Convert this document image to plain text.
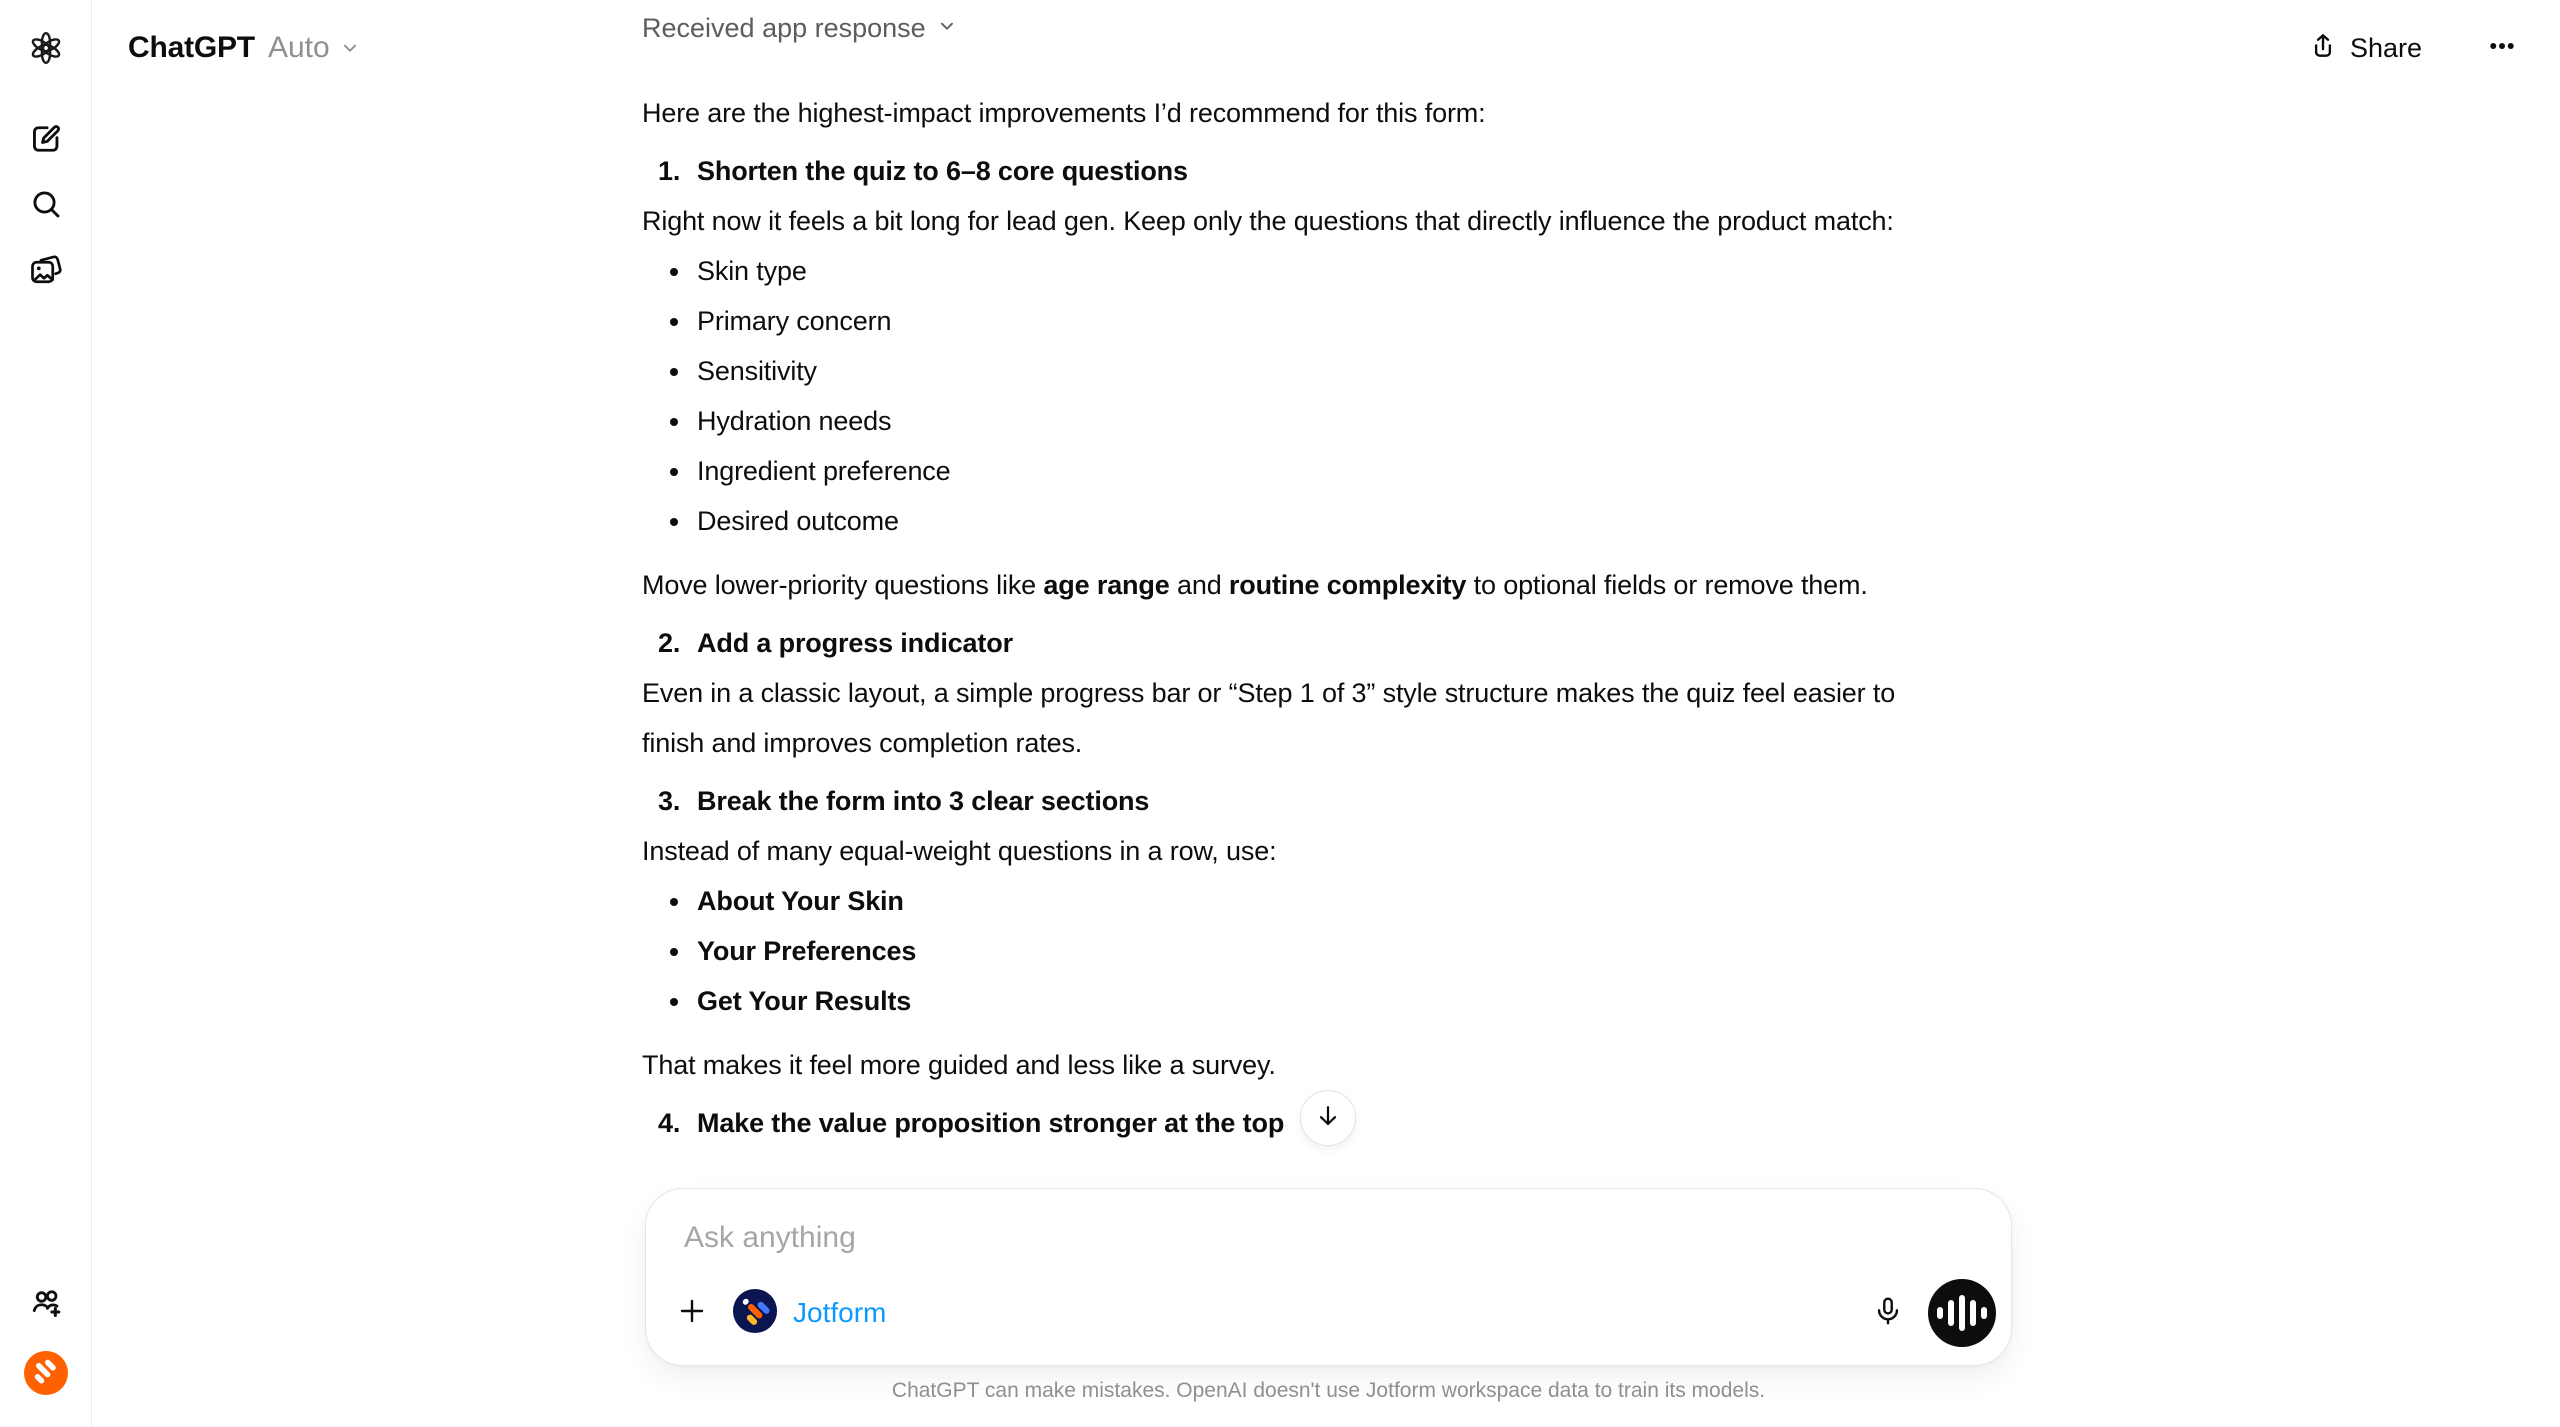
ChatGPT Auto	Share
Received app response

Here are the highest-impact improvements I’d recommend for this form:

1. Shorten the quiz to 6–8 core questions

Right now it feels a bit long for lead gen. Keep only the questions that directly influence the product match:

Skin type
Primary concern
Sensitivity
Hydration needs
Ingredient preference
Desired outcome

Move lower-priority questions like age range and routine complexity to optional fields or remove them.

2. Add a progress indicator

Even in a classic layout, a simple progress bar or “Step 1 of 3” style structure makes the quiz feel easier to finish and improves completion rates.

3. Break the form into 3 clear sections

Instead of many equal-weight questions in a row, use:

About Your Skin
Your Preferences
Get Your Results

That makes it feel more guided and less like a survey.

4. Make the value proposition stronger at the top
Ask anything
Jotform
ChatGPT can make mistakes. OpenAI doesn't use Jotform workspace data to train its models.
